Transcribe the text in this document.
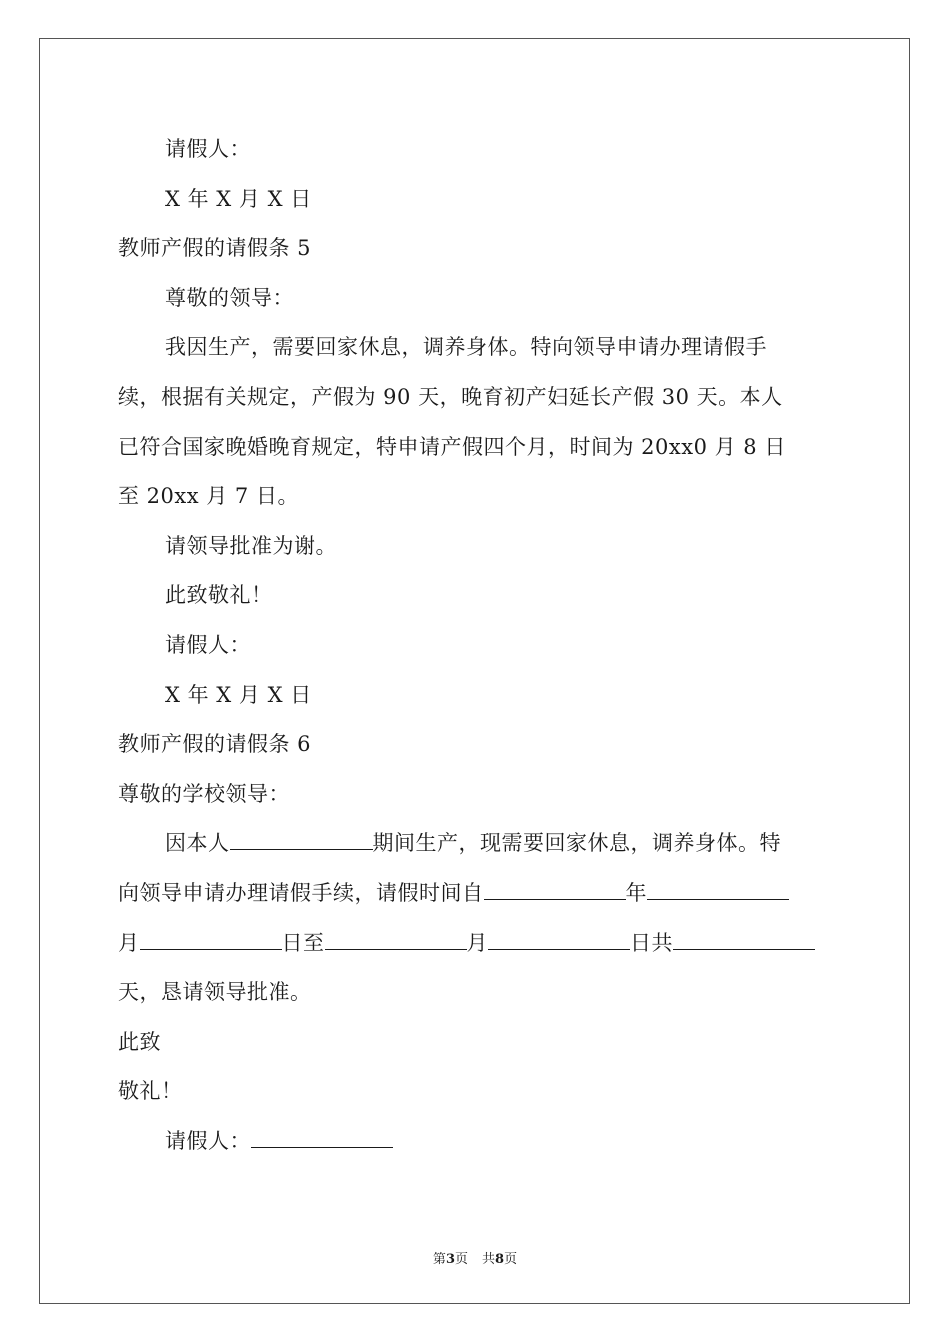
请假人：
X 年 X 月 X 日
教师产假的请假条 5
尊敬的领导：
我因生产，需要回家休息，调养身体。特向领导申请办理请假手
续，根据有关规定，产假为 90 天，晚育初产妇延长产假 30 天。本人
已符合国家晚婚晚育规定，特申请产假四个月，时间为 20xx0 月 8 日
至 20xx 月 7 日。
请领导批准为谢。
此致敬礼！
请假人：
X 年 X 月 X 日
教师产假的请假条 6
尊敬的学校领导：
因本人	期间生产，现需要回家休息，调养身体。特
向领导申请办理请假手续，请假时间自	年
月	日至	月	日共
天，恳请领导批准。
此致
敬礼！
请假人：
第3页 共8页
